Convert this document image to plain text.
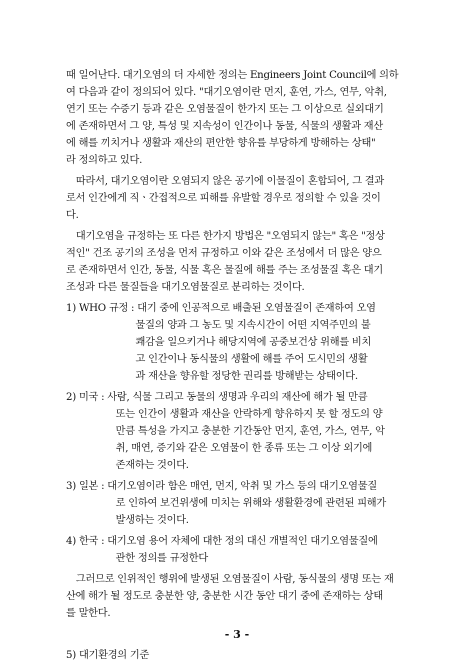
때 일어난다. 대기오염의 더 자세한 정의는 Engineers Joint Council에 의하
여 다음과 같이 정의되어 있다. "대기오염이란 먼지, 훈연, 가스, 연무, 악취,
연기 또는 수증기 등과 같은 오염물질이 한가지 또는 그 이상으로 실외대기
에 존재하면서 그 양, 특성 및 지속성이 인간이나 동물, 식물의 생활과 재산
에 해를 끼치거나 생활과 재산의 편안한 향유를 부당하게 방해하는 상태"
라 정의하고 있다.
　따라서, 대기오염이란 오염되지 않은 공기에 이물질이 혼합되어, 그 결과
로서 인간에게 직ㆍ간접적으로 피해를 유발할 경우로 정의할 수 있을 것이
다.
　대기오염을 규정하는 또 다른 한가지 방법은 "오염되지 않는" 혹은 "정상
적인" 건조 공기의 조성을 먼저 규정하고 이와 같은 조성에서 더 많은 양으
로 존재하면서 인간, 동물, 식물 혹은 물질에 해를 주는 조성물질 혹은 대기
조성과 다른 물질들을 대기오염물질로 분리하는 것이다.
1) WHO 규정 : 대기 중에 인공적으로 배출된 오염물질이 존재하여 오염
　　　　　　　물질의 양과 그 농도 및 지속시간이 어떤 지역주민의 불
　　　　　　　쾌감을 일으키거나 해당지역에 공중보건상 위해를 비치
　　　　　　　고 인간이나 동식물의 생활에 해를 주어 도시민의 생활
　　　　　　　과 재산을 향유할 정당한 권리를 방해받는 상태이다.
2) 미국 : 사람, 식물 그리고 동물의 생명과 우리의 재산에 해가 될 만큼
　　　　　또는 인간이 생활과 재산을 안락하게 향유하지 못 할 정도의 양
　　　　　만큼 특성을 가지고 충분한 기간동안 먼지, 훈연, 가스, 연무, 악
　　　　　취, 매연, 증기와 같은 오염물이 한 종류 또는 그 이상 외기에
　　　　　존재하는 것이다.
3) 일본 : 대기오염이라 함은 매연, 먼지, 악취 및 가스 등의 대기오염물질
　　　　　로 인하여 보건위생에 미치는 위해와 생활환경에 관련된 피해가
　　　　　발생하는 것이다.
4) 한국 : 대기오염 용어 자체에 대한 정의 대신 개별적인 대기오염물질에
　　　　　관한 정의를 규정한다
　그러므로 인위적인 행위에 발생된 오염물질이 사람, 동식물의 생명 또는 재
산에 해가 될 정도로 충분한 양, 충분한 시간 동안 대기 중에 존재하는 상태
를 말한다.
5) 대기환경의 기준
- 3 -
